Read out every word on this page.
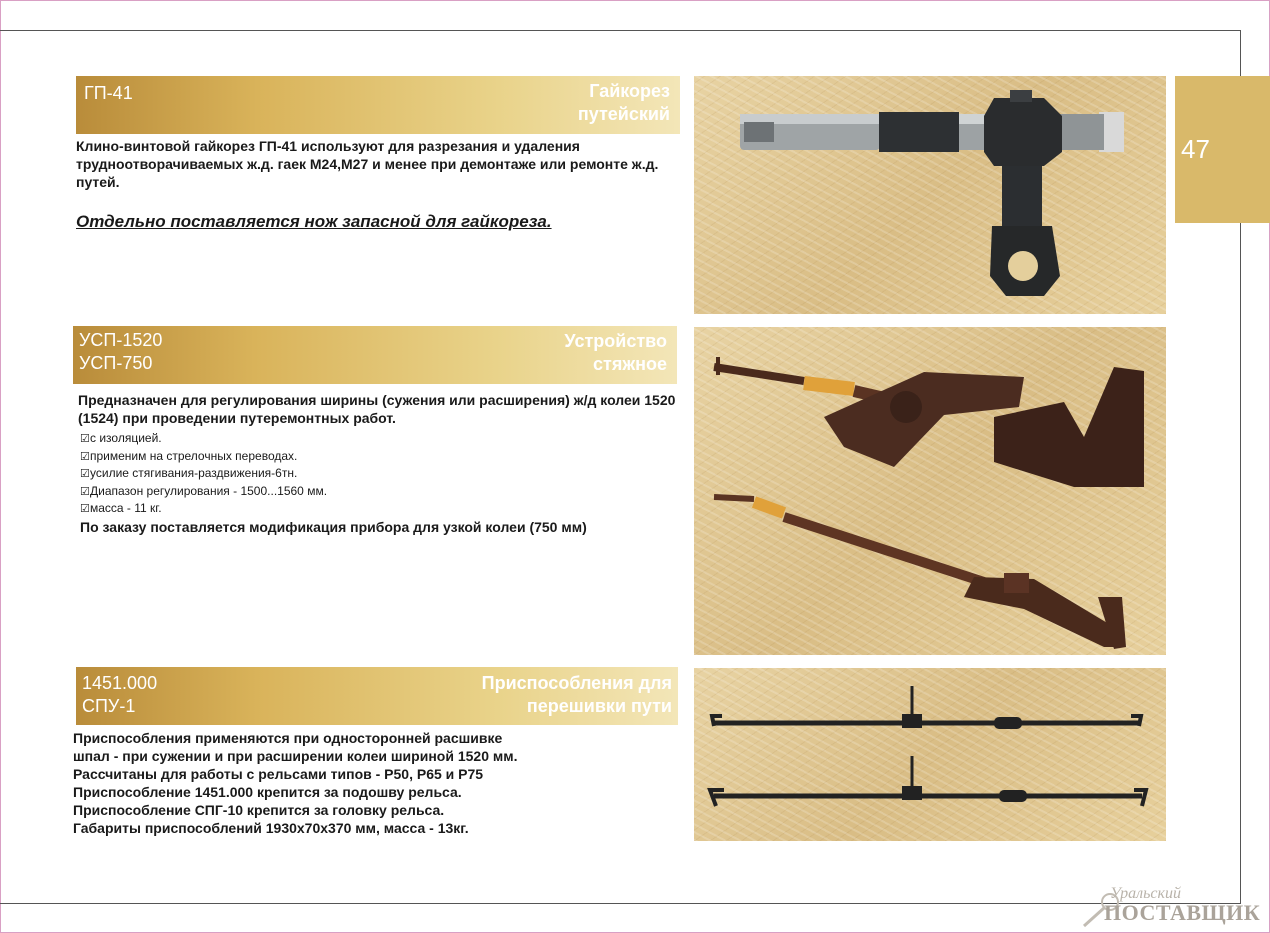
47
ГП-41	Гайкорез
путейский

Клино-винтовой гайкорез ГП-41 используют для разрезания и удаления трудноотворачиваемых ж.д. гаек М24,М27 и менее при демонтаже или ремонте ж.д. путей.

Отдельно поставляется нож запасной для гайкореза.
УСП-1520
УСП-750
Устройство
стяжное

Предназначен для регулирования ширины (сужения или расширения) ж/д колеи 1520 (1524) при проведении путеремонтных работ.

☑с изоляцией.
☑применим на стрелочных переводах.
☑усилие стягивания-раздвижения-6тн.
☑Диапазон регулирования - 1500...1560 мм.
☑масса - 11 кг.
По заказу поставляется модификация прибора для узкой колеи (750 мм)
1451.000
СПУ-1
Приспособления для
перешивки пути

Приспособления применяются при односторонней расшивке

шпал - при сужении и при расширении колеи шириной 1520 мм.

Рассчитаны для работы с рельсами типов - Р50, Р65 и Р75

Приспособление 1451.000 крепится за подошву рельса.

Приспособление СПГ-10 крепится за головку рельса.

Габариты приспособлений 1930х70х370 мм, масса - 13кг.

Уральский
ПОСТАВЩИК
